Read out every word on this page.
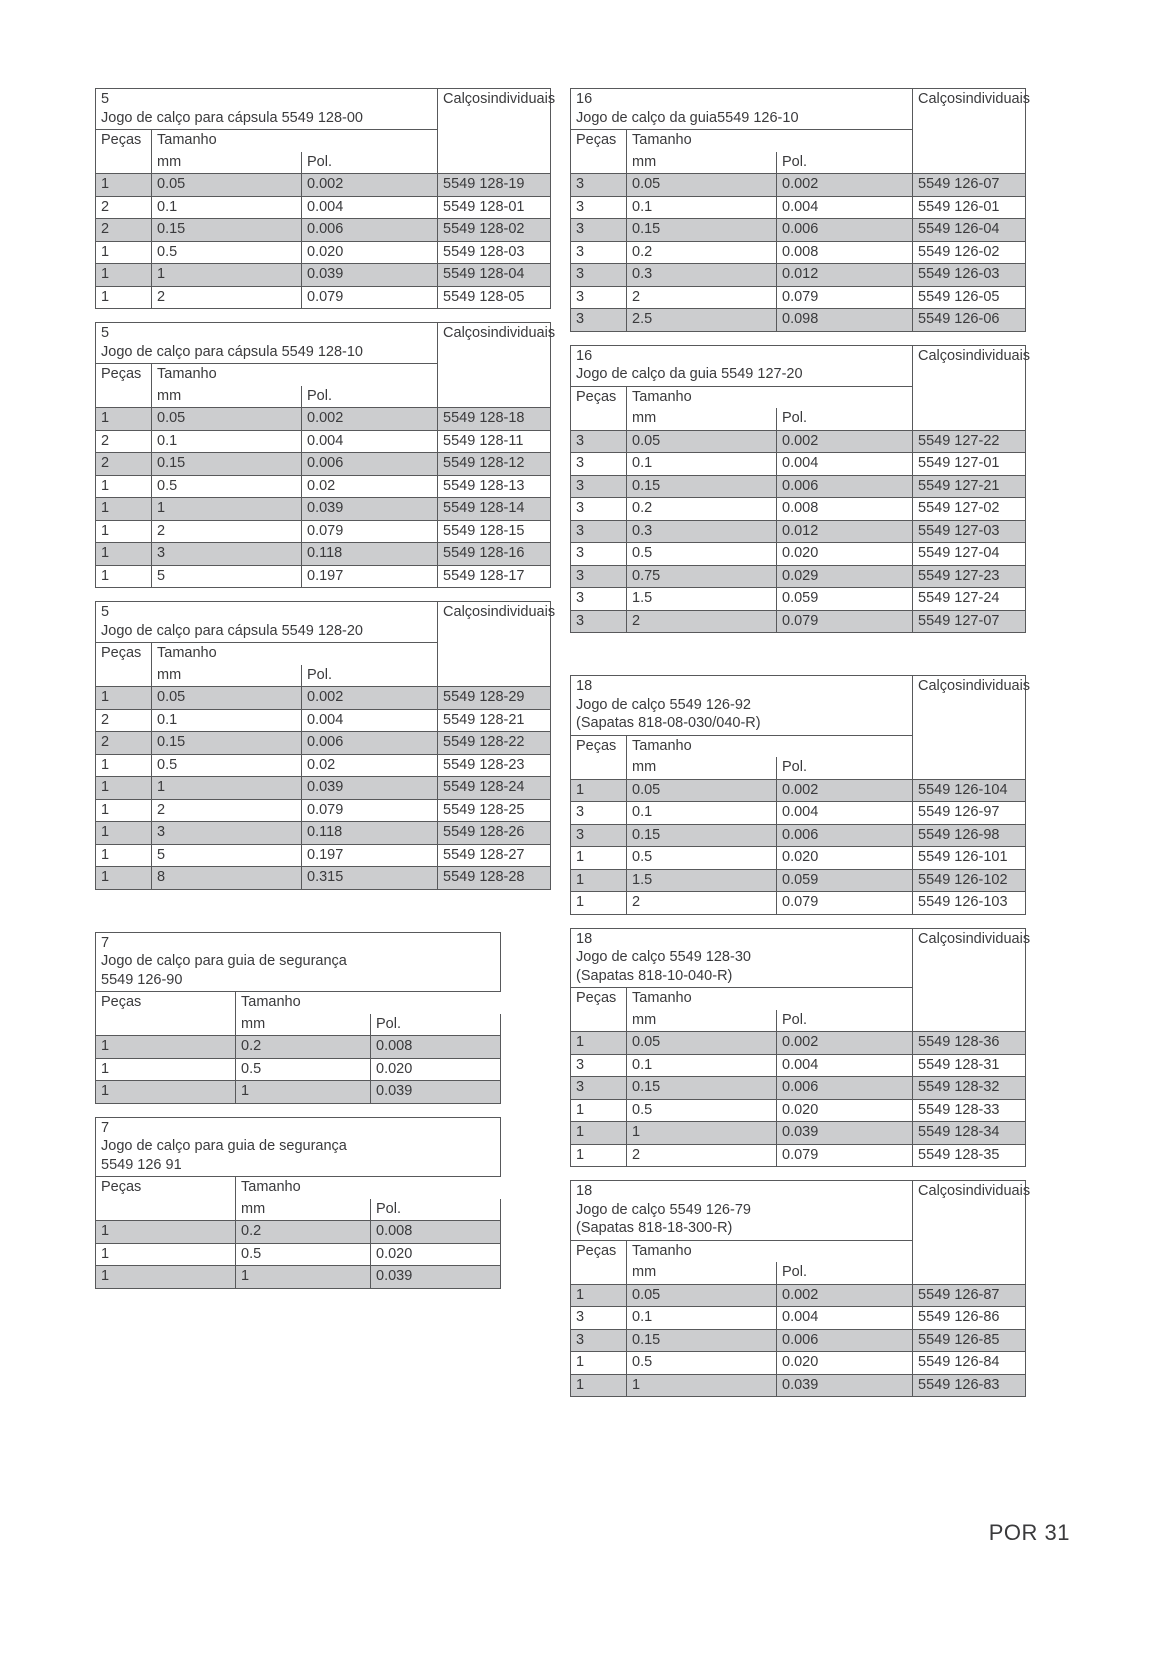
5
Jogo de calço para cápsula 5549 128-00			Calçosindividuais
Peças	Tamanho		
	mm	Pol.	
1	0.05	0.002	5549 128-19
2	0.1	0.004	5549 128-01
2	0.15	0.006	5549 128-02
1	0.5	0.020	5549 128-03
1	1	0.039	5549 128-04
1	2	0.079	5549 128-05
5
Jogo de calço para cápsula 5549 128-10			Calçosindividuais
Peças	Tamanho		
	mm	Pol.	
1	0.05	0.002	5549 128-18
2	0.1	0.004	5549 128-11
2	0.15	0.006	5549 128-12
1	0.5	0.02	5549 128-13
1	1	0.039	5549 128-14
1	2	0.079	5549 128-15
1	3	0.118	5549 128-16
1	5	0.197	5549 128-17
5
Jogo de calço para cápsula 5549 128-20			Calçosindividuais
Peças	Tamanho		
	mm	Pol.	
1	0.05	0.002	5549 128-29
2	0.1	0.004	5549 128-21
2	0.15	0.006	5549 128-22
1	0.5	0.02	5549 128-23
1	1	0.039	5549 128-24
1	2	0.079	5549 128-25
1	3	0.118	5549 128-26
1	5	0.197	5549 128-27
1	8	0.315	5549 128-28
7
Jogo de calço para guia de segurança
5549 126-90		

Peças	Tamanho	
	mm	Pol.
1	0.2	0.008
1	0.5	0.020
1	1	0.039
7
Jogo de calço para guia de segurança
5549 126 91		

Peças	Tamanho	
	mm	Pol.
1	0.2	0.008
1	0.5	0.020
1	1	0.039
16
Jogo de calço da guia5549 126-10			Calçosindividuais
Peças	Tamanho		
	mm	Pol.	
3	0.05	0.002	5549 126-07
3	0.1	0.004	5549 126-01
3	0.15	0.006	5549 126-04
3	0.2	0.008	5549 126-02
3	0.3	0.012	5549 126-03
3	2	0.079	5549 126-05
3	2.5	0.098	5549 126-06
16
Jogo de calço da guia 5549 127-20			Calçosindividuais
Peças	Tamanho		
	mm	Pol.	
3	0.05	0.002	5549 127-22
3	0.1	0.004	5549 127-01
3	0.15	0.006	5549 127-21
3	0.2	0.008	5549 127-02
3	0.3	0.012	5549 127-03
3	0.5	0.020	5549 127-04
3	0.75	0.029	5549 127-23
3	1.5	0.059	5549 127-24
3	2	0.079	5549 127-07
18
Jogo de calço 5549 126-92
(Sapatas 818-08-030/040-R)			Calçosindividuais
Peças	Tamanho		
	mm	Pol.	
1	0.05	0.002	5549 126-104
3	0.1	0.004	5549 126-97
3	0.15	0.006	5549 126-98
1	0.5	0.020	5549 126-101
1	1.5	0.059	5549 126-102
1	2	0.079	5549 126-103
18
Jogo de calço 5549 128-30
(Sapatas 818-10-040-R)			Calçosindividuais
Peças	Tamanho		
	mm	Pol.	
1	0.05	0.002	5549 128-36
3	0.1	0.004	5549 128-31
3	0.15	0.006	5549 128-32
1	0.5	0.020	5549 128-33
1	1	0.039	5549 128-34
1	2	0.079	5549 128-35
18
Jogo de calço 5549 126-79
(Sapatas 818-18-300-R)			Calçosindividuais
Peças	Tamanho		
	mm	Pol.	
1	0.05	0.002	5549 126-87
3	0.1	0.004	5549 126-86
3	0.15	0.006	5549 126-85
1	0.5	0.020	5549 126-84
1	1	0.039	5549 126-83
POR 31
